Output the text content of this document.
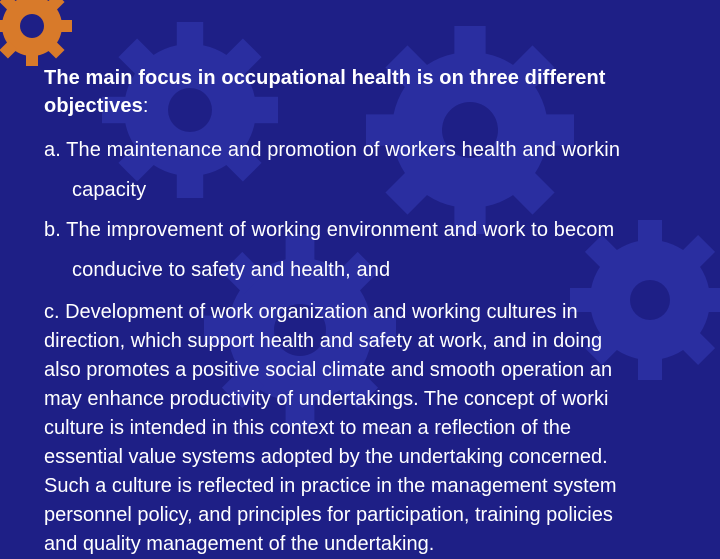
The main focus in occupational health is on three different
objectives:
a. The maintenance and promotion of workers health and workin
capacity
b. The improvement of working environment and work to becom
conducive to safety and health, and
c. Development of work organization and working cultures in
direction, which support health and safety at work, and in doing
also promotes a positive social climate and smooth operation an
may enhance productivity of undertakings. The concept of worki
culture is intended in this context to mean a reflection of the
essential value systems adopted by the undertaking concerned.
Such a culture is reflected in practice in the management system
personnel policy, and principles for participation, training policies
and quality management of the undertaking.
